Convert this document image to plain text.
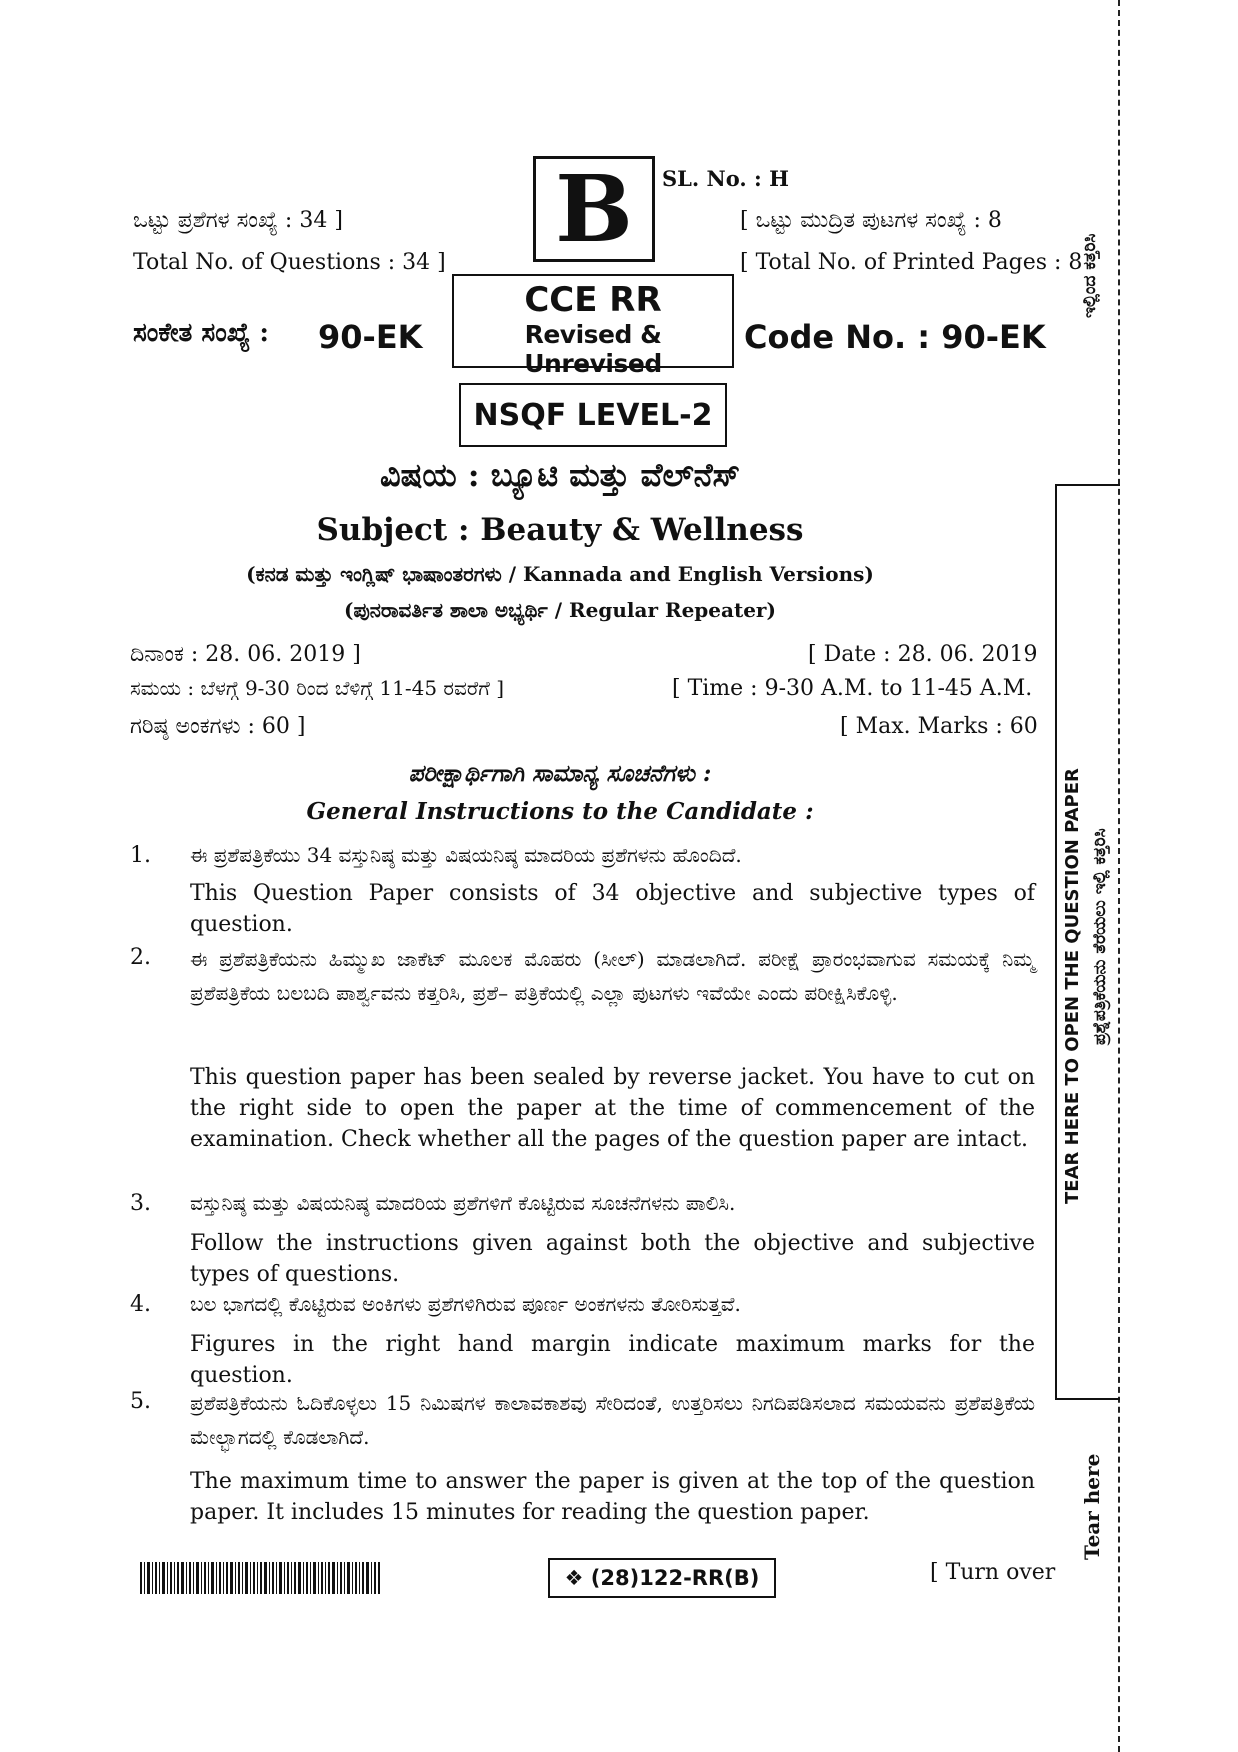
B SL. No. : H
ಒಟ್ಟು ಪ್ರಶೆಗಳ ಸಂಖ್ಯೆ : 34 ]
Total No. of Questions : 34 ]
[ ಒಟ್ಟು ಮುದ್ರಿತ ಪುಟಗಳ ಸಂಖ್ಯೆ : 8
[ Total No. of Printed Pages : 8
ಸಂಕೇತ ಸಂಖ್ಯೆ : 90-EK	Code No. : 90-EK
CCE RR
Revised & Unrevised
NSQF LEVEL-2
ವಿಷಯ : ಬ್ಯೂಟಿ ಮತ್ತು ವೆಲ್‌ನೆಸ್
Subject : Beauty & Wellness
(ಕನಡ ಮತ್ತು ಇಂಗ್ಲಿಷ್ ಭಾಷಾಂತರಗಳು / Kannada and English Versions)
(ಪುನರಾವರ್ತಿತ ಶಾಲಾ ಅಭ್ಯರ್ಥಿ / Regular Repeater)
ದಿನಾಂಕ : 28. 06. 2019 ]	[ Date : 28. 06. 2019
ಸಮಯ : ಬೆಳಗ್ಗೆ 9-30 ರಿಂದ ಬೆಳಿಗ್ಗೆ 11-45 ರವರೆಗೆ ]	[ Time : 9-30 A.M. to 11-45 A.M.
ಗರಿಷ್ಠ ಅಂಕಗಳು : 60 ]	[ Max. Marks : 60
ಪರೀಕ್ಷಾರ್ಥಿಗಾಗಿ ಸಾಮಾನ್ಯ ಸೂಚನೆಗಳು :
General Instructions to the Candidate :
1.	ಈ ಪ್ರಶೆಪತ್ರಿಕೆಯು 34 ವಸ್ತುನಿಷ್ಠ ಮತ್ತು ವಿಷಯನಿಷ್ಠ ಮಾದರಿಯ ಪ್ರಶೆಗಳನು ಹೊಂದಿದೆ.
This Question Paper consists of 34 objective and subjective types of question.
2.	ಈ ಪ್ರಶೆಪತ್ರಿಕೆಯನು ಹಿಮ್ಮುಖ ಜಾಕೆಟ್ ಮೂಲಕ ಮೊಹರು (ಸೀಲ್) ಮಾಡಲಾಗಿದೆ. ಪರೀಕ್ಷೆ ಪ್ರಾರಂಭವಾಗುವ ಸಮಯಕ್ಕೆ ನಿಮ್ಮ ಪ್ರಶೆಪತ್ರಿಕೆಯ ಬಲಬದಿ ಪಾರ್ಶ್ವವನು ಕತ್ತರಿಸಿ, ಪ್ರಶೆ– ಪತ್ರಿಕೆಯಲ್ಲಿ ಎಲ್ಲಾ ಪುಟಗಳು ಇವೆಯೇ ಎಂದು ಪರೀಕ್ಷಿಸಿಕೊಳ್ಳಿ.
This question paper has been sealed by reverse jacket. You have to cut on the right side to open the paper at the time of commencement of the examination. Check whether all the pages of the question paper are intact.
3.	ವಸ್ತುನಿಷ್ಠ ಮತ್ತು ವಿಷಯನಿಷ್ಠ ಮಾದರಿಯ ಪ್ರಶೆಗಳಿಗೆ ಕೊಟ್ಟಿರುವ ಸೂಚನೆಗಳನು ಪಾಲಿಸಿ.
Follow the instructions given against both the objective and subjective types of questions.
4.	ಬಲ ಭಾಗದಲ್ಲಿ ಕೊಟ್ಟಿರುವ ಅಂಕಿಗಳು ಪ್ರಶೆಗಳಿಗಿರುವ ಪೂರ್ಣ ಅಂಕಗಳನು ತೋರಿಸುತ್ತವೆ.
Figures in the right hand margin indicate maximum marks for the question.
5.	ಪ್ರಶೆಪತ್ರಿಕೆಯನು ಓದಿಕೊಳ್ಳಲು 15 ನಿಮಿಷಗಳ ಕಾಲಾವಕಾಶವು ಸೇರಿದಂತೆ, ಉತ್ತರಿಸಲು ನಿಗದಿಪಡಿಸಲಾದ ಸಮಯವನು ಪ್ರಶೆಪತ್ರಿಕೆಯ ಮೇಲ್ಭಾಗದಲ್ಲಿ ಕೊಡಲಾಗಿದೆ.
The maximum time to answer the paper is given at the top of the question paper. It includes 15 minutes for reading the question paper.
❖ (28)122-RR(B)	[ Turn over
ಇಲ್ಲಿಂದ ಕತ್ತರಿಸಿ
TEAR HERE TO OPEN THE QUESTION PAPER ಪ್ರಶ್ನೆಪತ್ರಿಕೆಯನು ತೆರೆಯಲು ಇಲ್ಲಿ ಕತ್ತರಿಸಿ
Tear here
